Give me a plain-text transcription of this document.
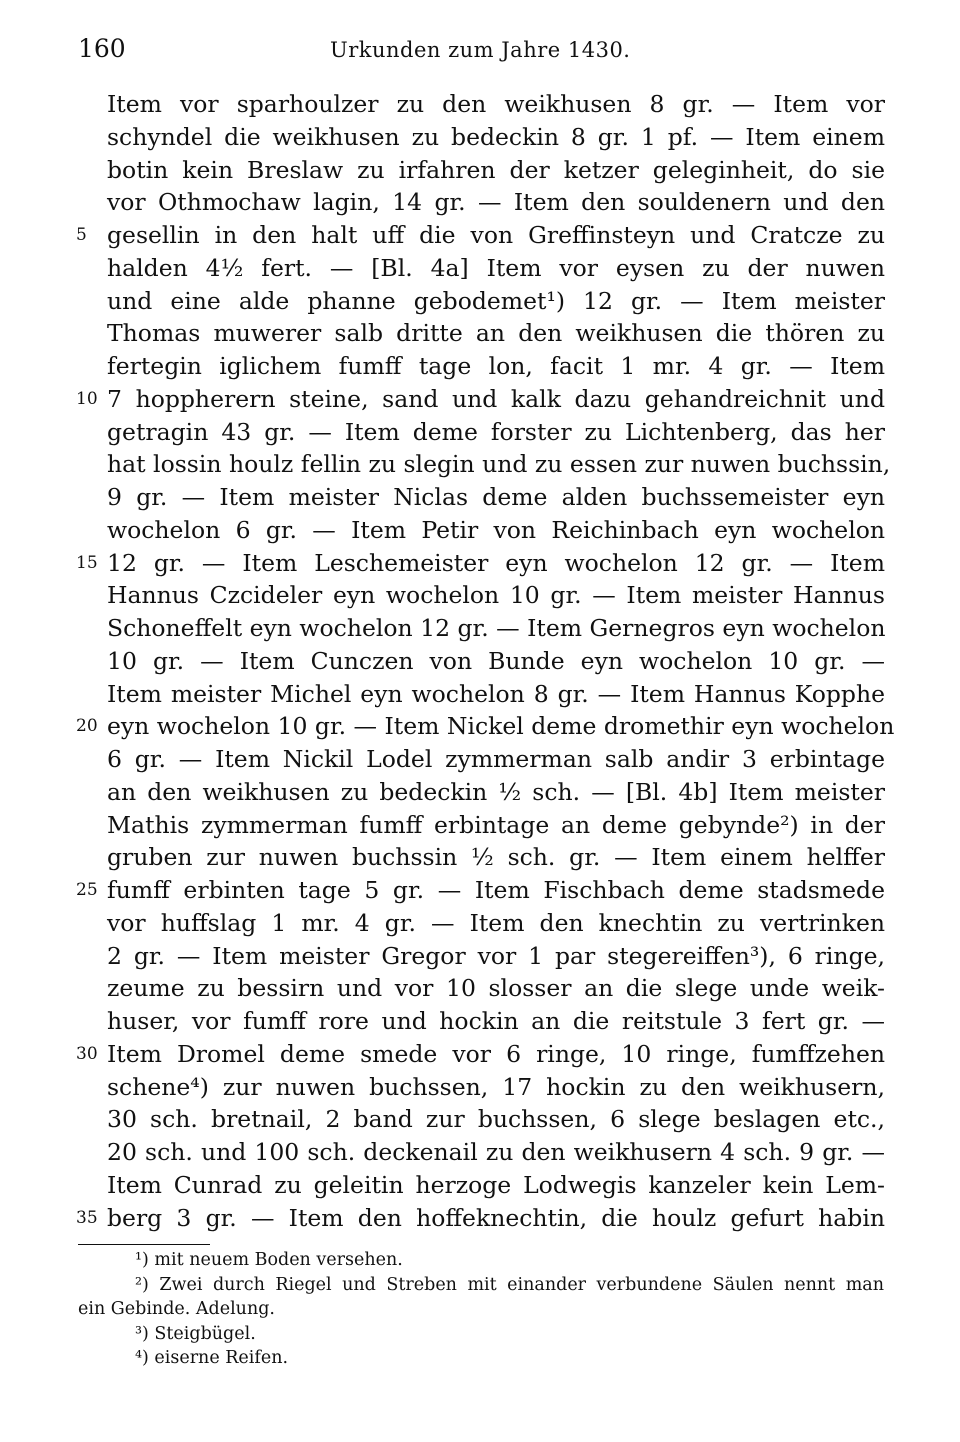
160	Urkunden zum Jahre 1430.
Item vor sparhoulzer zu den weikhusen 8 gr. — Item vor
schyndel die weikhusen zu bedeckin 8 gr. 1 pf. — Item einem
botin kein Breslaw zu irfahren der ketzer geleginheit, do sie
vor Othmochaw lagin, 14 gr. — Item den souldenern und den
5 gesellin in den halt uff die von Greffinsteyn und Cratcze zu
halden 4½ fert. — [Bl. 4a] Item vor eysen zu der nuwen
und eine alde phanne gebodemet¹) 12 gr. — Item meister
Thomas muwerer salb dritte an den weikhusen die thören zu
fertegin iglichem fumff tage lon, facit 1 mr. 4 gr. — Item
10 7 hoppherern steine, sand und kalk dazu gehandreichnit und
getragin 43 gr. — Item deme forster zu Lichtenberg, das her
hat lossin houlz fellin zu slegin und zu essen zur nuwen buchssin,
9 gr. — Item meister Niclas deme alden buchssemeister eyn
wochelon 6 gr. — Item Petir von Reichinbach eyn wochelon
15 12 gr. — Item Leschemeister eyn wochelon 12 gr. — Item
Hannus Czcideler eyn wochelon 10 gr. — Item meister Hannus
Schoneffelt eyn wochelon 12 gr. — Item Gernegros eyn wochelon
10 gr. — Item Cunczen von Bunde eyn wochelon 10 gr. —
Item meister Michel eyn wochelon 8 gr. — Item Hannus Kopphe
20 eyn wochelon 10 gr. — Item Nickel deme dromethir eyn wochelon
6 gr. — Item Nickil Lodel zymmerman salb andir 3 erbintage
an den weikhusen zu bedeckin ½ sch. — [Bl. 4b] Item meister
Mathis zymmerman fumff erbintage an deme gebynde²) in der
gruben zur nuwen buchssin ½ sch. gr. — Item einem helffer
25 fumff erbinten tage 5 gr. — Item Fischbach deme stadsmede
vor huffslag 1 mr. 4 gr. — Item den knechtin zu vertrinken
2 gr. — Item meister Gregor vor 1 par stegereiffen³), 6 ringe,
zeume zu bessirn und vor 10 slosser an die slege unde weik-
huser, vor fumff rore und hockin an die reitstule 3 fert gr. —
30 Item Dromel deme smede vor 6 ringe, 10 ringe, fumffzehen
schene⁴) zur nuwen buchssen, 17 hockin zu den weikhusern,
30 sch. bretnail, 2 band zur buchssen, 6 slege beslagen etc.,
20 sch. und 100 sch. deckenail zu den weikhusern 4 sch. 9 gr. —
Item Cunrad zu geleitin herzoge Lodwegis kanzeler kein Lem-
35 berg 3 gr. — Item den hoffeknechtin, die houlz gefurt habin
¹) mit neuem Boden versehen.
²) Zwei durch Riegel und Streben mit einander verbundene Säulen nennt man
ein Gebinde. Adelung.
³) Steigbügel.
⁴) eiserne Reifen.
